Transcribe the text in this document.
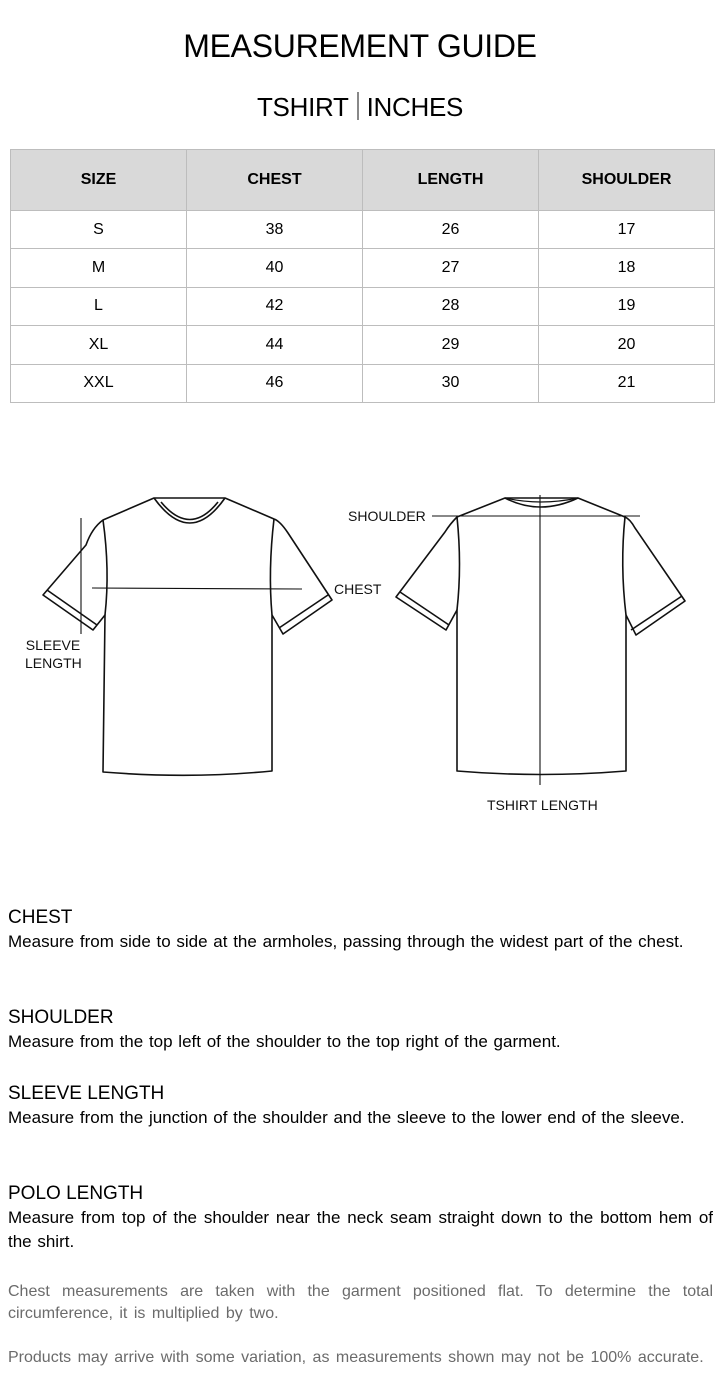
MEASUREMENT GUIDE
TSHIRT INCHES
SIZE	CHEST	LENGTH	SHOULDER
S	38	26	17
M	40	27	18
L	42	28	19
XL	44	29	20
XXL	46	30	21
SLEEVE
LENGTH
CHEST
SHOULDER
TSHIRT LENGTH
CHEST

Measure from side to side at the armholes, passing through the widest part of the chest.

SHOULDER

Measure from the top left of the shoulder to the top right of the garment.

SLEEVE LENGTH

Measure from the junction of the shoulder and the sleeve to the lower end of the sleeve.

POLO LENGTH

Measure from top of the shoulder near the neck seam straight down to the bottom hem of the shirt.

Chest measurements are taken with the garment positioned flat. To determine the total circumference, it is multiplied by two.
Products may arrive with some variation, as measurements shown may not be 100% accurate.
